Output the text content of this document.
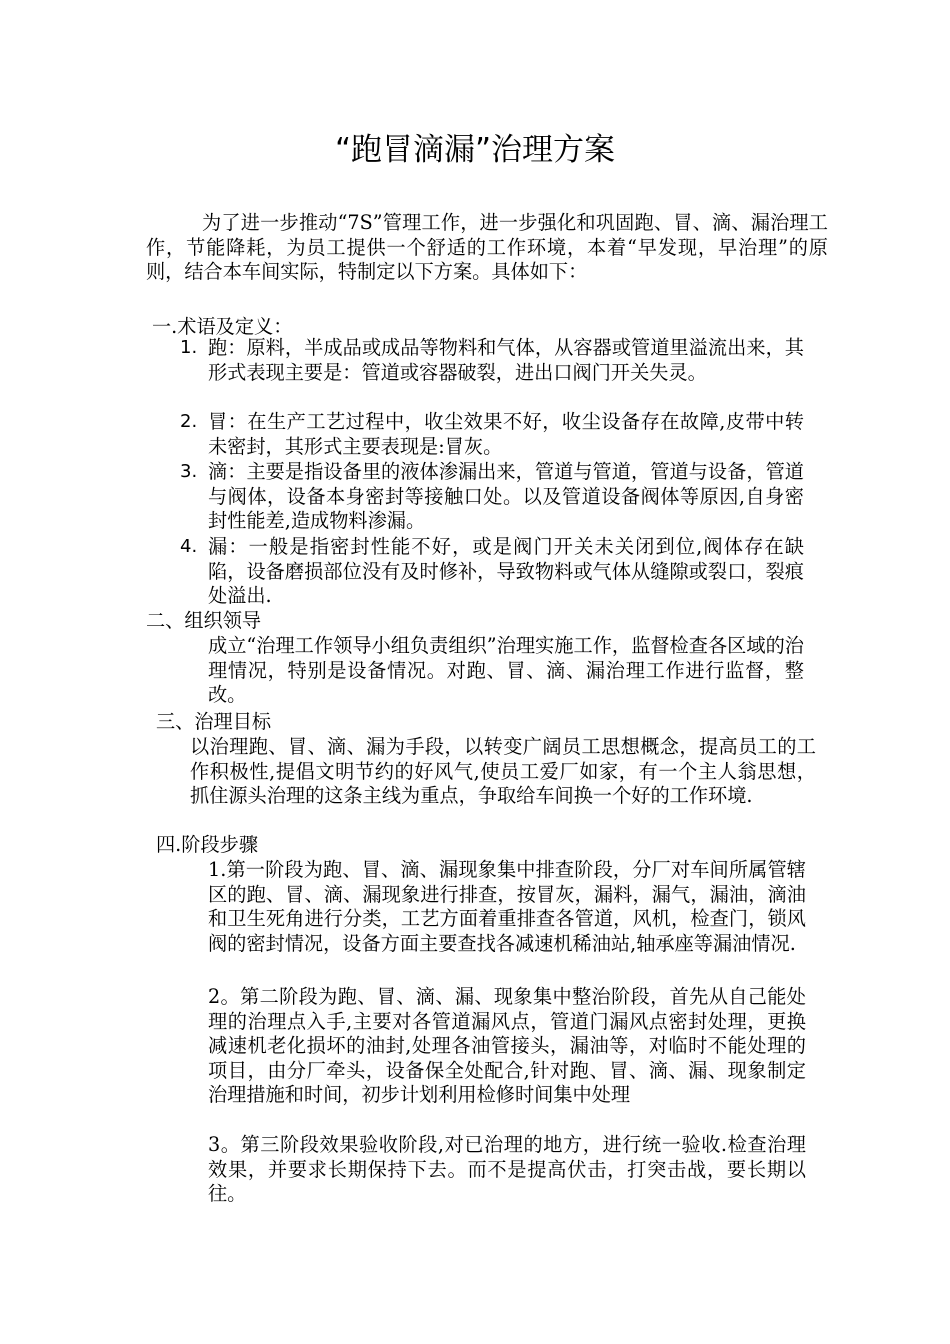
“跑冒滴漏”治理方案

为了进一步推动“7S”管理工作，进一步强化和巩固跑、冒、滴、漏治理工作，节能降耗，为员工提供一个舒适的工作环境，本着“早发现，早治理”的原则，结合本车间实际，特制定以下方案。具体如下：

一.术语及定义：
1. 跑：原料，半成品或成品等物料和气体，从容器或管道里溢流出来，其形式表现主要是：管道或容器破裂，进出口阀门开关失灵。
2. 冒：在生产工艺过程中，收尘效果不好，收尘设备存在故障,皮带中转未密封，其形式主要表现是:冒灰。
3. 滴：主要是指设备里的液体渗漏出来，管道与管道，管道与设备，管道与阀体，设备本身密封等接触口处。以及管道设备阀体等原因,自身密封性能差,造成物料渗漏。
4. 漏：一般是指密封性能不好，或是阀门开关未关闭到位,阀体存在缺陷，设备磨损部位没有及时修补，导致物料或气体从缝隙或裂口，裂痕处溢出.
二、组织领导

成立“治理工作领导小组负责组织”治理实施工作，监督检查各区域的治理情况，特别是设备情况。对跑、冒、滴、漏治理工作进行监督，整改。

三、治理目标

以治理跑、冒、滴、漏为手段，以转变广阔员工思想概念，提高员工的工作积极性,提倡文明节约的好风气,使员工爱厂如家，有一个主人翁思想，抓住源头治理的这条主线为重点，争取给车间换一个好的工作环境.

四.阶段步骤

1.第一阶段为跑、冒、滴、漏现象集中排查阶段，分厂对车间所属管辖区的跑、冒、滴、漏现象进行排查，按冒灰，漏料，漏气，漏油，滴油和卫生死角进行分类，工艺方面着重排查各管道，风机，检查门，锁风阀的密封情况，设备方面主要查找各减速机稀油站,轴承座等漏油情况.

2。第二阶段为跑、冒、滴、漏、现象集中整治阶段，首先从自己能处理的治理点入手,主要对各管道漏风点，管道门漏风点密封处理，更换减速机老化损坏的油封,处理各油管接头，漏油等，对临时不能处理的项目，由分厂牵头，设备保全处配合,针对跑、冒、滴、漏、现象制定治理措施和时间，初步计划利用检修时间集中处理

3。第三阶段效果验收阶段,对已治理的地方，进行统一验收.检查治理效果，并要求长期保持下去。而不是提高伏击，打突击战，要长期以往。
